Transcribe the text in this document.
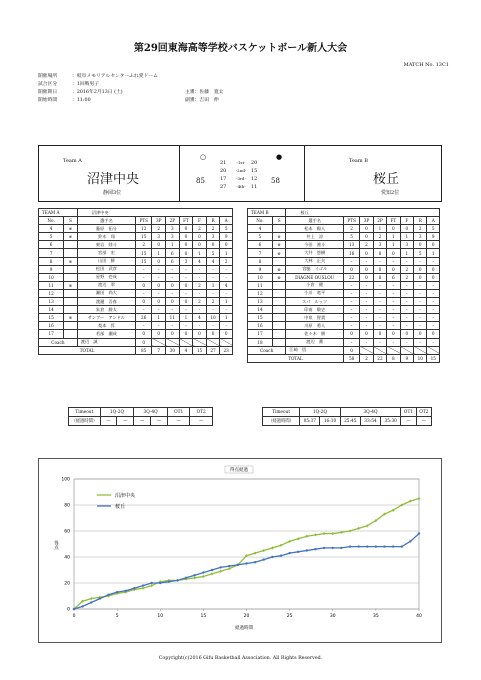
第29回東海高等学校バスケットボール新人大会
MATCH No. 13C1
開催場所	：岐阜メモリアルセンターふれ愛ドーム
試合区分	：1回戦男子
開催期日	：2016年2月13日 (土)
開始時間	：11:00
主審：佐藤　寛太
副審：吉田　伸
Team A
沼津中央
静岡3位
○
85
●
58
21	-1st- 20
20 -2nd- 15
17 -3rd- 12
27 -4th- 11
Team B
桜丘
愛知2位
TEAM A		沼津中央							
No.	S	選手名	PTS	3P	2P	FT	F	R	A
4	※	藤原　拓分	12	2	3	0	2	2	5
5	※	鈴木　翔	15	3	3	0	0	3	9
6		東岩　陸斗	2	0	1	0	0	0	0
7		宮部　宏	15	1	6	0	1	5	1
8	※	山田　勝	15	0	6	3	4	4	2
9		松田　武彦	-	-	-	-	-	-	-
10		星野　壱成	-	-	-	-	-	-	-
11	※	渡辺　翠	0	0	0	0	2	1	4
12		瀬田　尚大	-	-	-	-	-	-	-
13		渡邊　吾春	0	0	0	0	2	2	1
14		朱倉　勝太	-	-	-	-	-	-	-
15	※	サンブー　アンドル	26	1	11	1	4	10	1
16		梨本　惇	-	-	-	-	-	-	-
17		若部　瀬成	0	0	0	0	0	0	0
Coach		渡辺　誠	0						
TOTAL			85	7	30	4	15	27	23
TEAM B		桜丘							
No.	S	選手名	PTS	3P	2P	FT	F	R	A
4		松本　陽人	2	0	1	0	0	2	5
5	※	井上　涼	5	0	2	1	1	3	9
6	※	今田　凛斗	13	2	3	1	3	0	0
7	※	大井　悠樹	16	0	8	0	1	5	1
8		大林　正矢	-	-	-	-	-	-	-
9	※	宮脇　イゴル	0	0	0	0	2	0	0
10	※	DIAGNE OUSLOU	22	0	8	6	2	0	0
11		小倉　健	-	-	-	-	-	-	-
12		小川　竜平	-	-	-	-	-	-	-
13		スパ　ルッツ	-	-	-	-	-	-	-
14		印南　敬史	-	-	-	-	-	-	-
15		中泉　智貴	-	-	-	-	-	-	-
16		川原　勇人	-	-	-	-	-	-	-
17		佐々木　勝	0	0	0	0	0	0	0
18		渡辺　薫	-	-	-	-	-	-	-
Coach		江崎　悟	0						
TOTAL			58	2	22	8	9	10	15
Timeout	1Q-2Q		3Q-4Q		OT1	OT2
（経過時間）	—	—	—	—	—	—
Timeout	1Q-2Q		3Q-4Q			OT1	OT2
（経過時間）	05:37	16:10	25:45	33:54	35:30	—	—
0
20
40
60
80
100
0	5	10	15	20	25	30	35	40
得点経過
経過時間
得点
沼津中央
桜丘
Copyright(c)2016 Gifu Basketball Association. All Rights Reserved.
